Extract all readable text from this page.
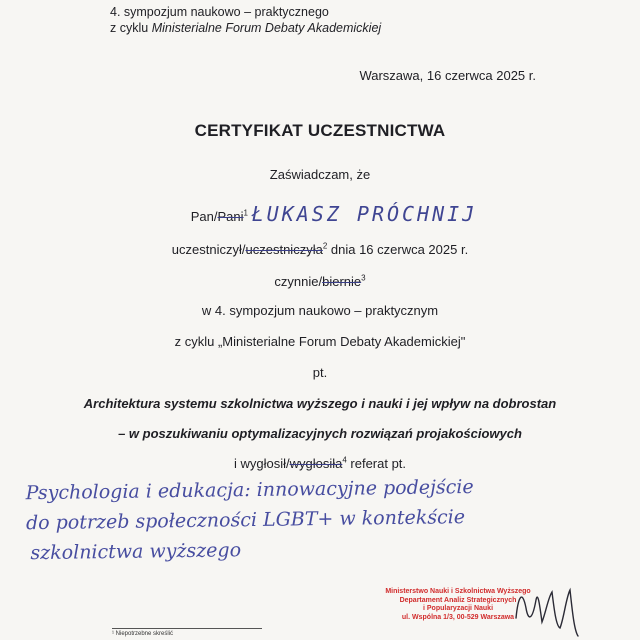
4. sympozjum naukowo – praktycznego
z cyklu Ministerialne Forum Debaty Akademickiej
Warszawa, 16 czerwca 2025 r.
CERTYFIKAT UCZESTNICTWA
Zaświadczam, że
Pan/Pani$^1$ ŁUKASZ PRÓCHNIJ
uczestniczył/uczestniczyła$^2$ dnia 16 czerwca 2025 r.
czynnie/biernie$^3$
w 4. sympozjum naukowo – praktycznym
z cyklu „Ministerialne Forum Debaty Akademickiej"
pt.
Architektura systemu szkolnictwa wyższego i nauki i jej wpływ na dobrostan
– w poszukiwaniu optymalizacyjnych rozwiązań projakościowych
i wygłosił/wygłosiła$^4$ referat pt.
Psychologia i edukacja: innowacyjne podejście
do potrzeb społeczności LGBT+ w kontekście
szkolnictwa wyższego
Ministerstwo Nauki i Szkolnictwa Wyższego
Departament Analiz Strategicznych
i Popularyzacji Nauki
ul. Wspólna 1/3, 00-529 Warszawa
¹ Niepotrzebne skreślić
